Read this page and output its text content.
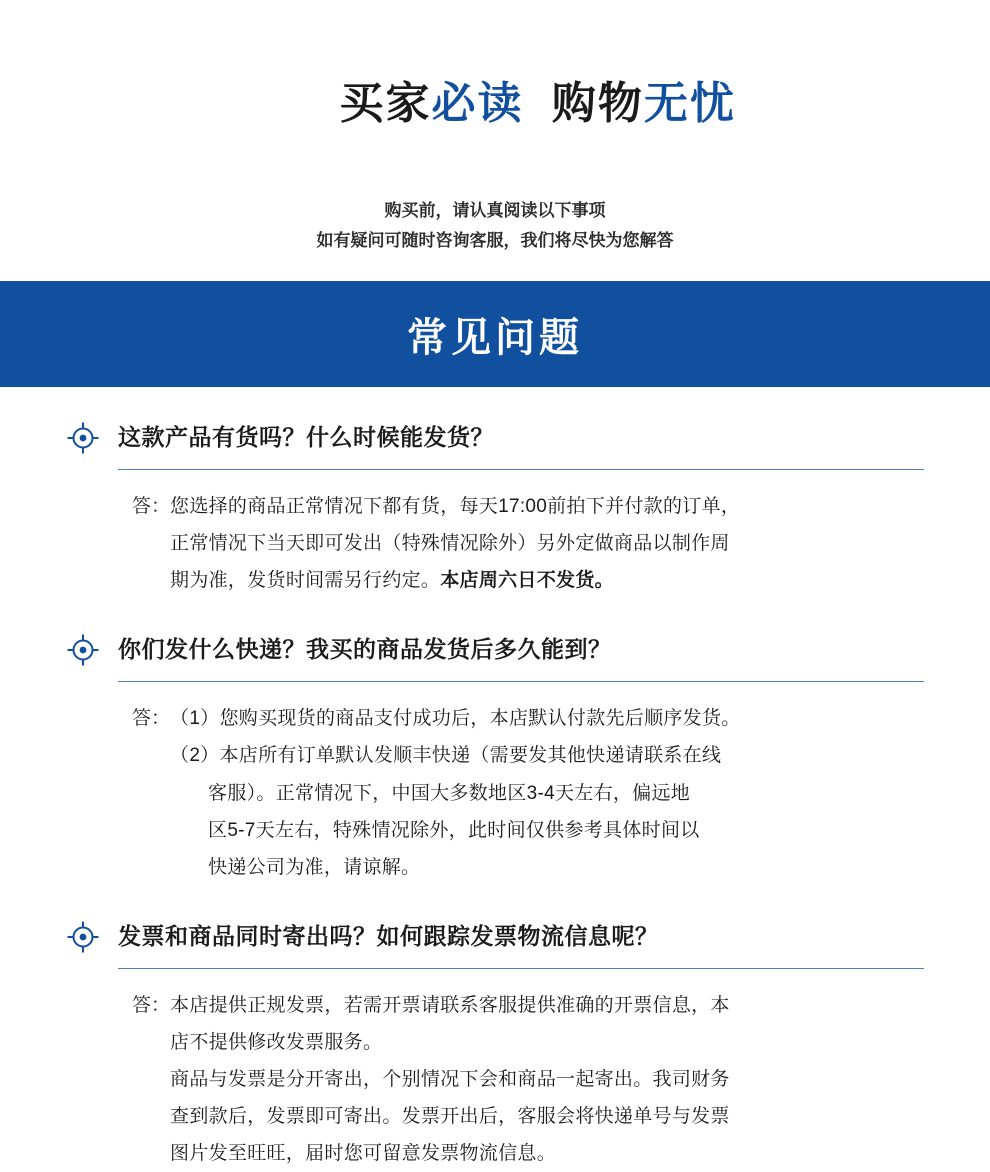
买家必读 购物无忧

购买前，请认真阅读以下事项
如有疑问可随时咨询客服，我们将尽快为您解答
常见问题
这款产品有货吗？什么时候能发货？
答： 您选择的商品正常情况下都有货，每天17:00前拍下并付款的订单，

正常情况下当天即可发出（特殊情况除外）另外定做商品以制作周

期为准，发货时间需另行约定。本店周六日不发货。

你们发什么快递？我买的商品发货后多久能到？
答： （1）您购买现货的商品支付成功后，本店默认付款先后顺序发货。

（2）本店所有订单默认发顺丰快递（需要发其他快递请联系在线

客服）。正常情况下，中国大多数地区3-4天左右，偏远地

区5-7天左右，特殊情况除外，此时间仅供参考具体时间以

快递公司为准，请谅解。

发票和商品同时寄出吗？如何跟踪发票物流信息呢？
答： 本店提供正规发票，若需开票请联系客服提供准确的开票信息，本

店不提供修改发票服务。

商品与发票是分开寄出，个别情况下会和商品一起寄出。我司财务

查到款后，发票即可寄出。发票开出后，客服会将快递单号与发票

图片发至旺旺，届时您可留意发票物流信息。
